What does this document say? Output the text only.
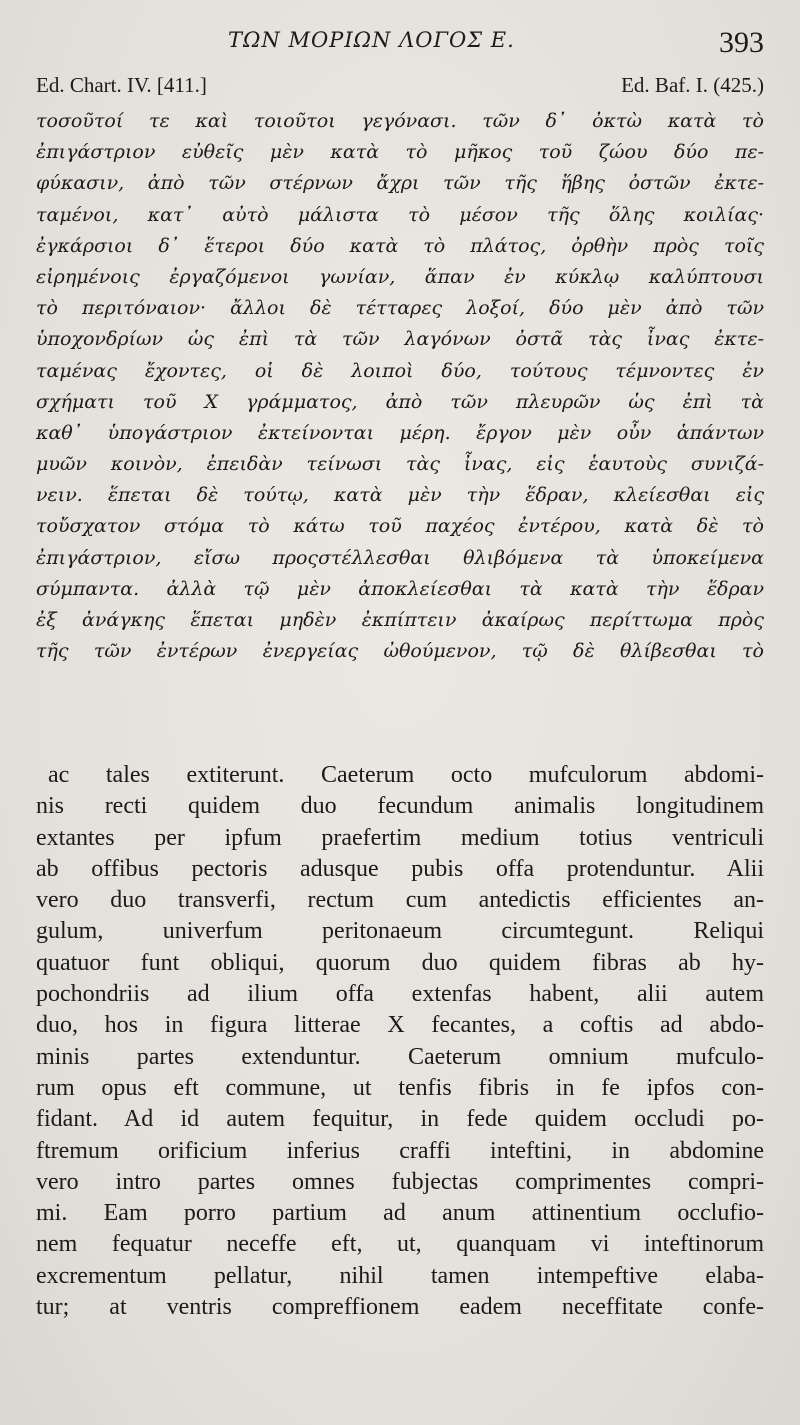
ΤΩΝ ΜΟΡΙΩΝ ΛΟΓΟΣ Ε.	393
Ed. Chart. IV. [411.]	Ed. Baf. I. (425.)
τοσοῦτοί τε καὶ τοιοῦτοι γεγόνασι. τῶν δ᾽ ὀκτὼ κατὰ τὸ
ἐπιγάστριον εὐθεῖς μὲν κατὰ τὸ μῆκος τοῦ ζώου δύο πε-
φύκασιν, ἀπὸ τῶν στέρνων ἄχρι τῶν τῆς ἥβης ὀστῶν ἐκτε-
ταμένοι, κατ᾽ αὐτὸ μάλιστα τὸ μέσον τῆς ὅλης κοιλίας·
ἐγκάρσιοι δ᾽ ἕτεροι δύο κατὰ τὸ πλάτος, ὀρθὴν πρὸς τοῖς
εἰρημένοις ἐργαζόμενοι γωνίαν, ἅπαν ἐν κύκλῳ καλύπτουσι
τὸ περιτόναιον· ἄλλοι δὲ τέτταρες λοξοί, δύο μὲν ἀπὸ τῶν
ὑποχονδρίων ὡς ἐπὶ τὰ τῶν λαγόνων ὀστᾶ τὰς ἶνας ἐκτε-
ταμένας ἔχοντες, οἱ δὲ λοιποὶ δύο, τούτους τέμνοντες ἐν
σχήματι τοῦ Χ γράμματος, ἀπὸ τῶν πλευρῶν ὡς ἐπὶ τὰ
καθ᾽ ὑπογάστριον ἐκτείνονται μέρη. ἔργον μὲν οὖν ἁπάντων
μυῶν κοινὸν, ἐπειδὰν τείνωσι τὰς ἶνας, εἰς ἑαυτοὺς συνιζά-
νειν. ἕπεται δὲ τούτῳ, κατὰ μὲν τὴν ἕδραν, κλείεσθαι εἰς
τοὔσχατον στόμα τὸ κάτω τοῦ παχέος ἐντέρου, κατὰ δὲ τὸ
ἐπιγάστριον, εἴσω προςστέλλεσθαι θλιβόμενα τὰ ὑποκείμενα
σύμπαντα. ἀλλὰ τῷ μὲν ἀποκλείεσθαι τὰ κατὰ τὴν ἕδραν
ἐξ ἀνάγκης ἕπεται μηδὲν ἐκπίπτειν ἀκαίρως περίττωμα πρὸς
τῆς τῶν ἐντέρων ἐνεργείας ὠθούμενον, τῷ δὲ θλίβεσθαι τὸ
ac tales extiterunt. Caeterum octo mufculorum abdomi-
nis recti quidem duo fecundum animalis longitudinem
extantes per ipfum praefertim medium totius ventriculi
ab offibus pectoris adusque pubis offa protenduntur. Alii
vero duo transverfi, rectum cum antedictis efficientes an-
gulum, univerfum peritonaeum circumtegunt. Reliqui
quatuor funt obliqui, quorum duo quidem fibras ab hy-
pochondriis ad ilium offa extenfas habent, alii autem
duo, hos in figura litterae X fecantes, a coftis ad abdo-
minis partes extenduntur. Caeterum omnium mufculo-
rum opus eft commune, ut tenfis fibris in fe ipfos con-
fidant. Ad id autem fequitur, in fede quidem occludi po-
ftremum orificium inferius craffi inteftini, in abdomine
vero intro partes omnes fubjectas comprimentes compri-
mi. Eam porro partium ad anum attinentium occlufio-
nem fequatur neceffe eft, ut, quanquam vi inteftinorum
excrementum pellatur, nihil tamen intempeftive elaba-
tur; at ventris compreffionem eadem neceffitate confe-
